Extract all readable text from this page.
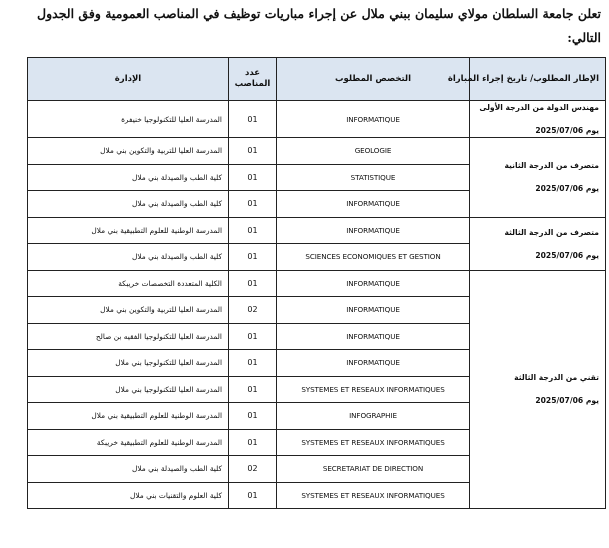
تعلن جامعة السلطان مولاي سليمان ببني ملال عن إجراء مباريات توظيف في المناصب العمومية وفق الجدول
التالي:
الإطار المطلوب/ تاريخ إجراء المباراة	التخصص المطلوب	عدد
المناصب	الإدارة

مهندس الدولة من الدرجة الأولى
يوم 2025/07/06	INFORMATIQUE	01	المدرسة العليا للتكنولوجيا خنيفرة

متصرف من الدرجة الثانية
يوم 2025/07/06	GEOLOGIE	01	المدرسة العليا للتربية والتكوين بني ملال
	STATISTIQUE	01	كلية الطب والصيدلة بني ملال
	INFORMATIQUE	01	كلية الطب والصيدلة بني ملال

متصرف من الدرجة الثالثة
يوم 2025/07/06	INFORMATIQUE	01	المدرسة الوطنية للعلوم التطبيقية بني ملال
	SCIENCES ECONOMIQUES ET GESTION	01	كلية الطب والصيدلة بني ملال

تقني من الدرجة الثالثة
يوم 2025/07/06	INFORMATIQUE	01	الكلية المتعددة التخصصات خريبكة
	INFORMATIQUE	02	المدرسة العليا للتربية والتكوين بني ملال
	INFORMATIQUE	01	المدرسة العليا للتكنولوجيا الفقيه بن صالح
	INFORMATIQUE	01	المدرسة العليا للتكنولوجيا بني ملال
	SYSTEMES ET RESEAUX INFORMATIQUES	01	المدرسة العليا للتكنولوجيا بني ملال
	INFOGRAPHIE	01	المدرسة الوطنية للعلوم التطبيقية بني ملال
	SYSTEMES ET RESEAUX INFORMATIQUES	01	المدرسة الوطنية للعلوم التطبيقية خريبكة
	SECRETARIAT DE DIRECTION	02	كلية الطب والصيدلة بني ملال
	SYSTEMES ET RESEAUX INFORMATIQUES	01	كلية العلوم والتقنيات بني ملال
